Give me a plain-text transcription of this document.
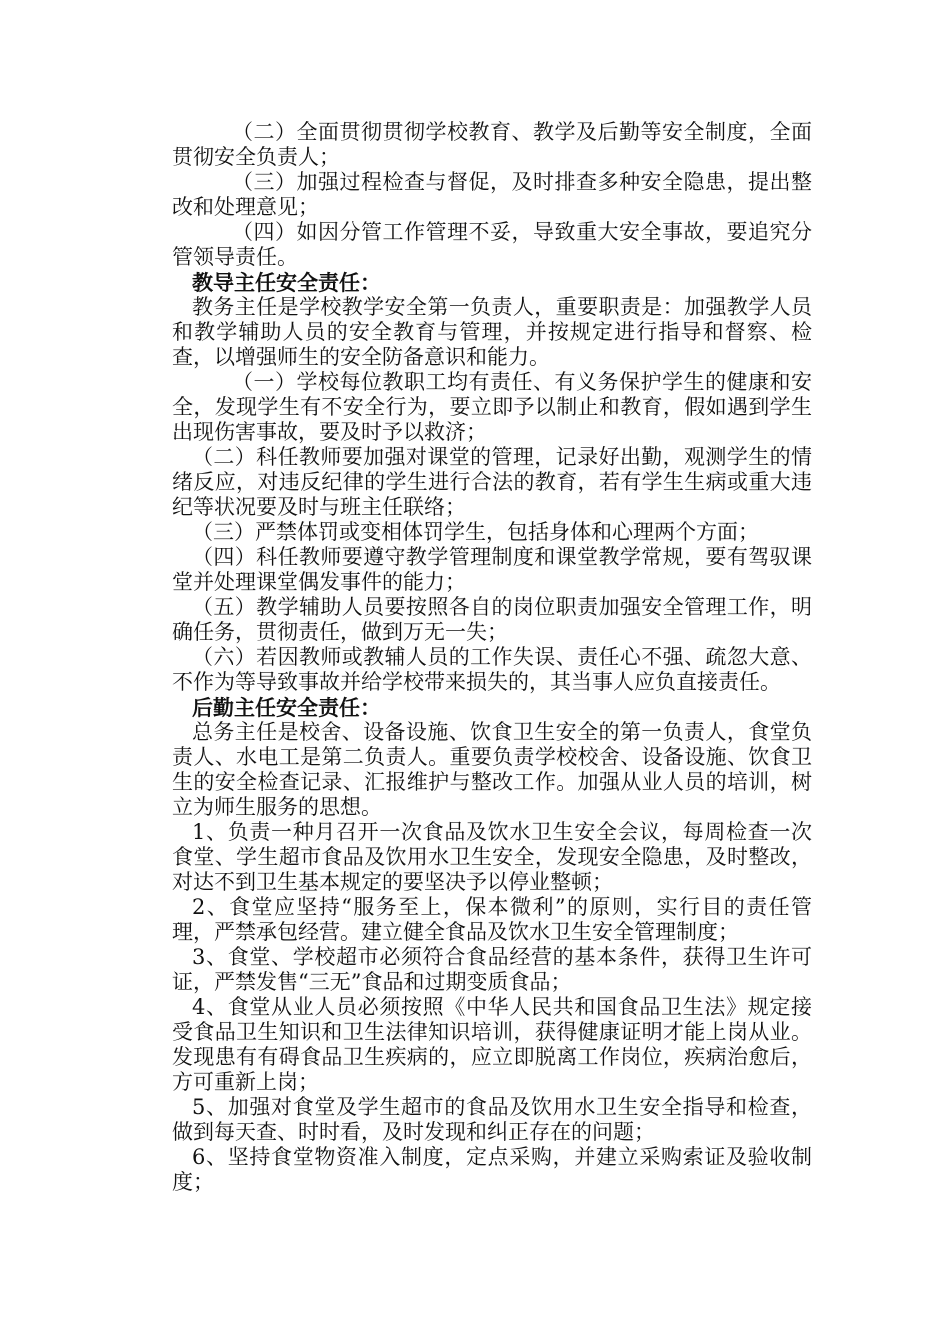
（二）全面贯彻贯彻学校教育、教学及后勤等安全制度，全面贯彻安全负责人；

（三）加强过程检查与督促，及时排查多种安全隐患，提出整改和处理意见；

（四）如因分管工作管理不妥，导致重大安全事故，要追究分管领导责任。

教导主任安全责任：

教务主任是学校教学安全第一负责人，重要职责是：加强教学人员和教学辅助人员的安全教育与管理，并按规定进行指导和督察、检查，以增强师生的安全防备意识和能力。

（一）学校每位教职工均有责任、有义务保护学生的健康和安全，发现学生有不安全行为，要立即予以制止和教育，假如遇到学生出现伤害事故，要及时予以救济；

（二）科任教师要加强对课堂的管理，记录好出勤，观测学生的情绪反应，对违反纪律的学生进行合法的教育，若有学生生病或重大违纪等状况要及时与班主任联络；

（三）严禁体罚或变相体罚学生，包括身体和心理两个方面；

（四）科任教师要遵守教学管理制度和课堂教学常规，要有驾驭课堂并处理课堂偶发事件的能力；

（五）教学辅助人员要按照各自的岗位职责加强安全管理工作，明确任务，贯彻责任，做到万无一失；

（六）若因教师或教辅人员的工作失误、责任心不强、疏忽大意、不作为等导致事故并给学校带来损失的，其当事人应负直接责任。

后勤主任安全责任：

总务主任是校舍、设备设施、饮食卫生安全的第一负责人，食堂负责人、水电工是第二负责人。重要负责学校校舍、设备设施、饮食卫生的安全检查记录、汇报维护与整改工作。加强从业人员的培训，树立为师生服务的思想。

1、负责一种月召开一次食品及饮水卫生安全会议，每周检查一次食堂、学生超市食品及饮用水卫生安全，发现安全隐患，及时整改，对达不到卫生基本规定的要坚决予以停业整顿；

2、食堂应坚持“服务至上，保本微利”的原则，实行目的责任管理，严禁承包经营。建立健全食品及饮水卫生安全管理制度；

3、食堂、学校超市必须符合食品经营的基本条件，获得卫生许可证，严禁发售“三无”食品和过期变质食品；

4、食堂从业人员必须按照《中华人民共和国食品卫生法》规定接受食品卫生知识和卫生法律知识培训，获得健康证明才能上岗从业。发现患有有碍食品卫生疾病的，应立即脱离工作岗位，疾病治愈后，方可重新上岗；

5、加强对食堂及学生超市的食品及饮用水卫生安全指导和检查，做到每天查、时时看，及时发现和纠正存在的问题；

6、坚持食堂物资准入制度，定点采购，并建立采购索证及验收制度；
